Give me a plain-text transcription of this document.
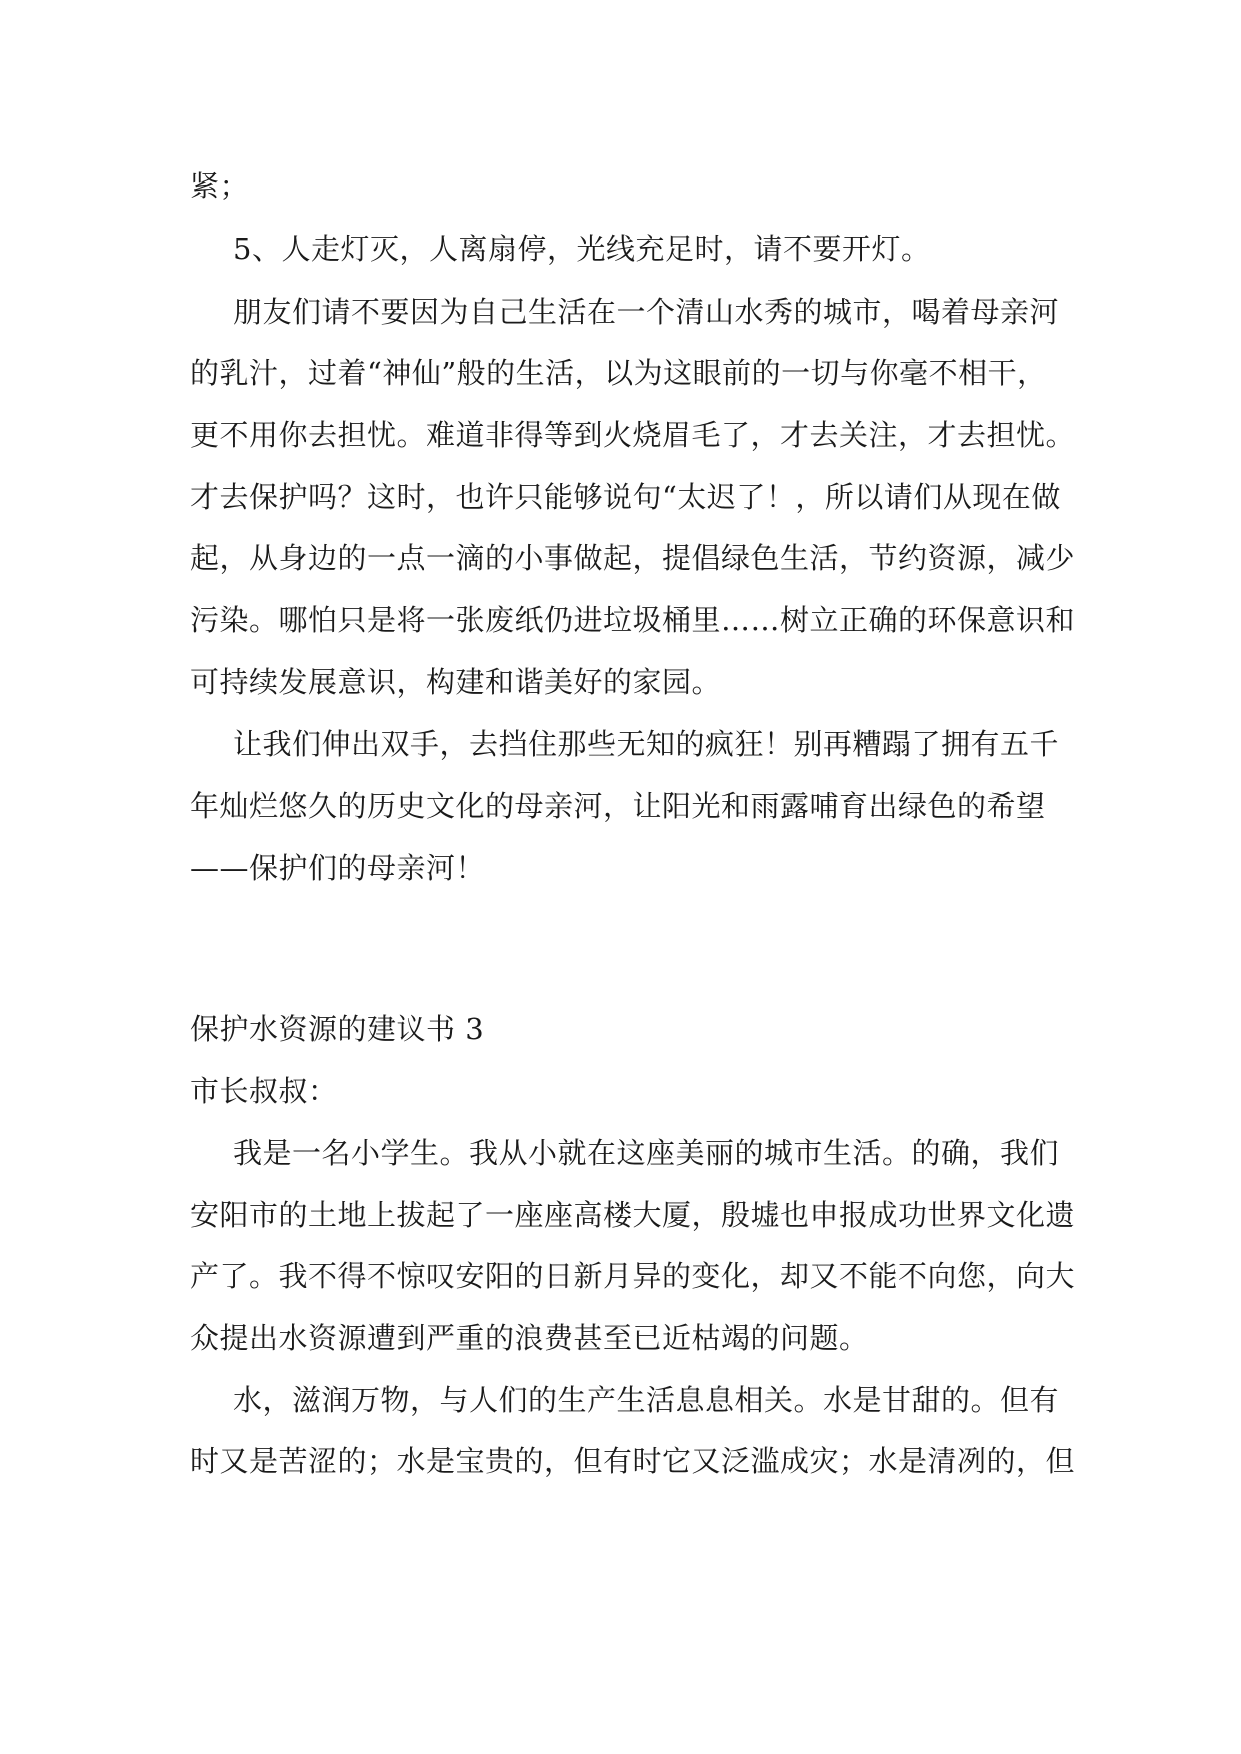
紧；
5、人走灯灭，人离扇停，光线充足时，请不要开灯。
朋友们请不要因为自己生活在一个清山水秀的城市，喝着母亲河
的乳汁，过着“神仙”般的生活，以为这眼前的一切与你毫不相干，
更不用你去担忧。难道非得等到火烧眉毛了，才去关注，才去担忧。
才去保护吗？这时，也许只能够说句“太迟了！，所以请们从现在做
起，从身边的一点一滴的小事做起，提倡绿色生活，节约资源，减少
污染。哪怕只是将一张废纸仍进垃圾桶里……树立正确的环保意识和
可持续发展意识，构建和谐美好的家园。
让我们伸出双手，去挡住那些无知的疯狂！别再糟蹋了拥有五千
年灿烂悠久的历史文化的母亲河，让阳光和雨露哺育出绿色的希望
——保护们的母亲河！
保护水资源的建议书 3
市长叔叔：
我是一名小学生。我从小就在这座美丽的城市生活。的确，我们
安阳市的土地上拔起了一座座高楼大厦，殷墟也申报成功世界文化遗
产了。我不得不惊叹安阳的日新月异的变化，却又不能不向您，向大
众提出水资源遭到严重的浪费甚至已近枯竭的问题。
水，滋润万物，与人们的生产生活息息相关。水是甘甜的。但有
时又是苦涩的；水是宝贵的，但有时它又泛滥成灾；水是清冽的，但
